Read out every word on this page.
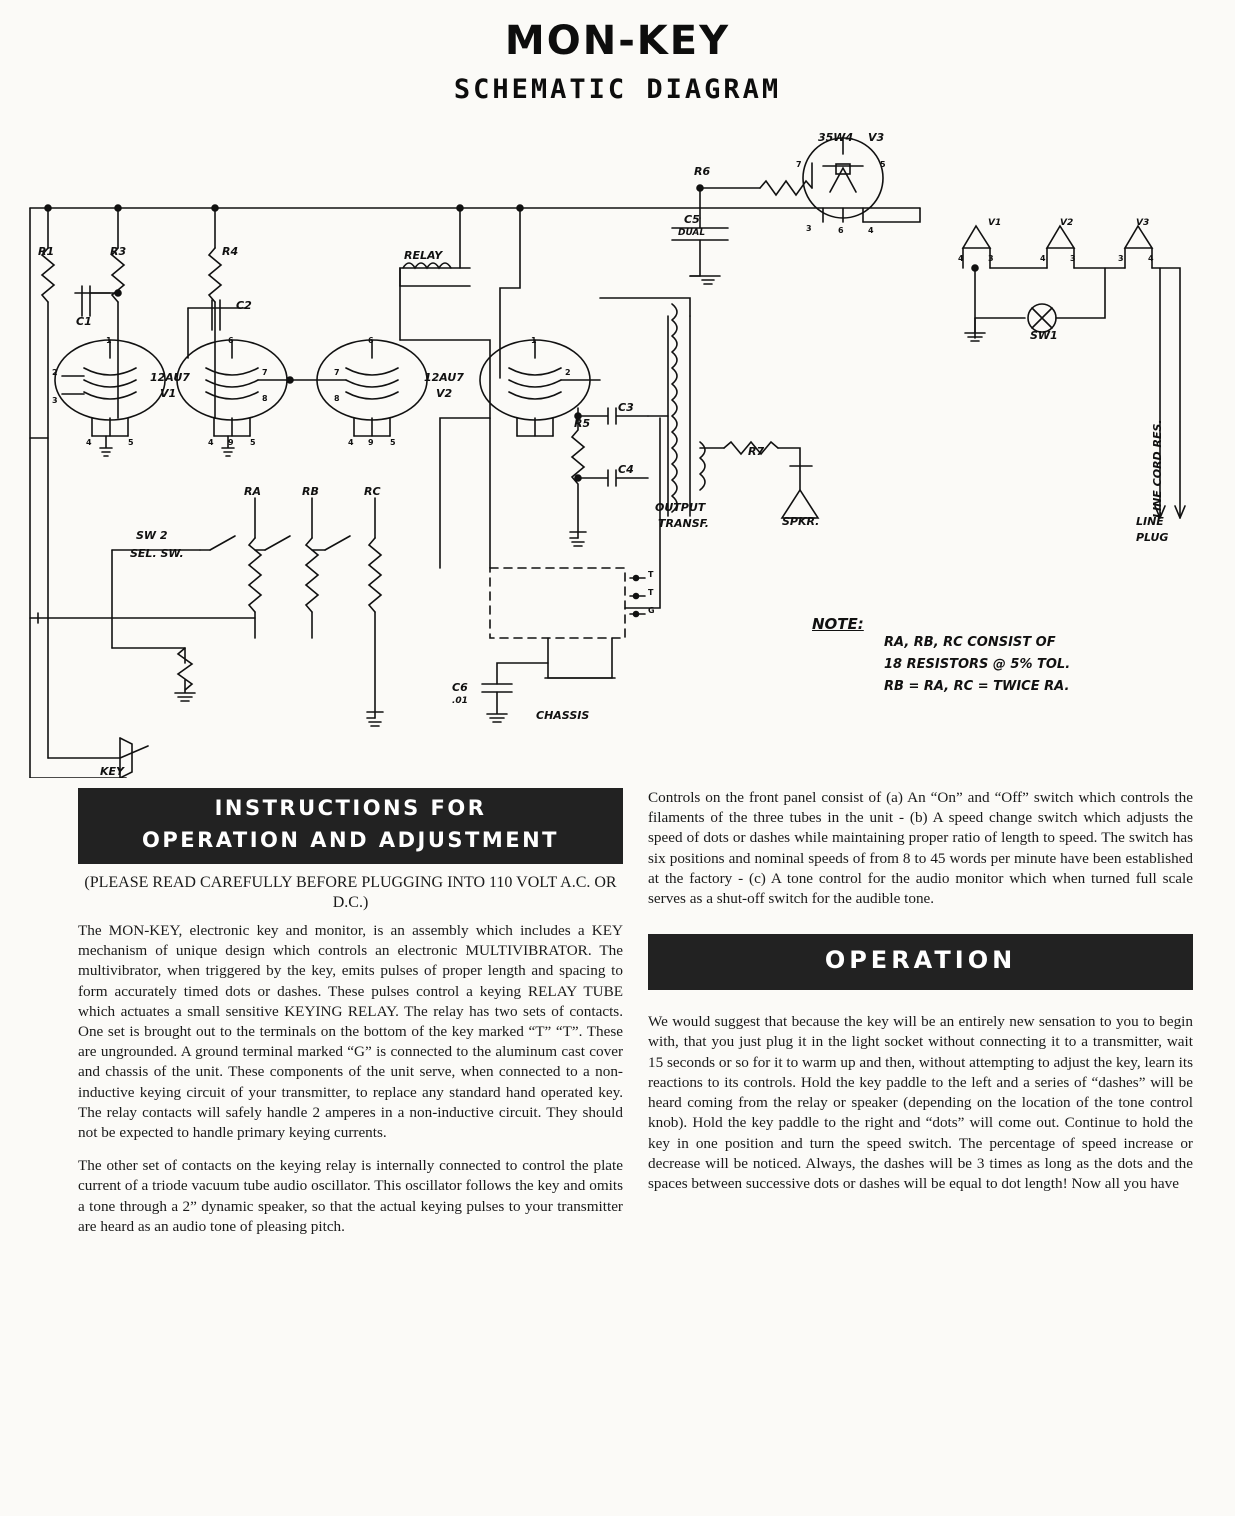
MON-KEY
SCHEMATIC DIAGRAM
R1	R3	R4
C1
C2
R5
R6
R7
C3
C4
C5
DUAL
C6
.01
RELAY
RA	RB	RC
SW 2
SEL. SW.
SW1
KEY
12AU7
V1
12AU7
V2
35W4 V3
OUTPUT
TRANSF.	SPKR.
CHASSIS
LINE CORD RES.
LINE
PLUG
V1	V2	V3
T
T
G
NOTE:
RA, RB, RC CONSIST OF
18 RESISTORS @ 5% TOL.
RB = RA, RC = TWICE RA.
1
2
3
4	5
6
7
8
4 9 5
6
7
8
4 9 5
1
2
7	5
3	6	4
4	3	4	3	3	4
INSTRUCTIONS FOR
OPERATION AND ADJUSTMENT
(PLEASE READ CAREFULLY BEFORE PLUGGING INTO 110 VOLT A.C. OR D.C.)

The MON-KEY, electronic key and monitor, is an assembly which includes a KEY mechanism of unique design which controls an electronic MULTIVIBRATOR. The multivibrator, when triggered by the key, emits pulses of proper length and spacing to form accurately timed dots or dashes. These pulses control a keying RELAY TUBE which actuates a small sensitive KEYING RELAY. The relay has two sets of contacts. One set is brought out to the terminals on the bottom of the key marked “T” “T”. These are ungrounded. A ground terminal marked “G” is connected to the aluminum cast cover and chassis of the unit. These components of the unit serve, when connected to a non-inductive keying circuit of your transmitter, to replace any standard hand operated key. The relay contacts will safely handle 2 amperes in a non-inductive circuit. They should not be expected to handle primary keying currents.

The other set of contacts on the keying relay is internally connected to control the plate current of a triode vacuum tube audio oscillator. This oscillator follows the key and omits a tone through a 2” dynamic speaker, so that the actual keying pulses to your transmitter are heard as an audio tone of pleasing pitch.

Controls on the front panel consist of (a) An “On” and “Off” switch which controls the filaments of the three tubes in the unit - (b) A speed change switch which adjusts the speed of dots or dashes while maintaining proper ratio of length to speed. The switch has six positions and nominal speeds of from 8 to 45 words per minute have been established at the factory - (c) A tone control for the audio monitor which when turned full scale serves as a shut-off switch for the audible tone.

OPERATION

We would suggest that because the key will be an entirely new sensation to you to begin with, that you just plug it in the light socket without connecting it to a transmitter, wait 15 seconds or so for it to warm up and then, without attempting to adjust the key, learn its reactions to its controls. Hold the key paddle to the left and a series of “dashes” will be heard coming from the relay or speaker (depending on the location of the tone control knob). Hold the key paddle to the right and “dots” will come out. Continue to hold the key in one position and turn the speed switch. The percentage of speed increase or decrease will be noticed. Always, the dashes will be 3 times as long as the dots and the spaces between successive dots or dashes will be equal to dot length! Now all you have
